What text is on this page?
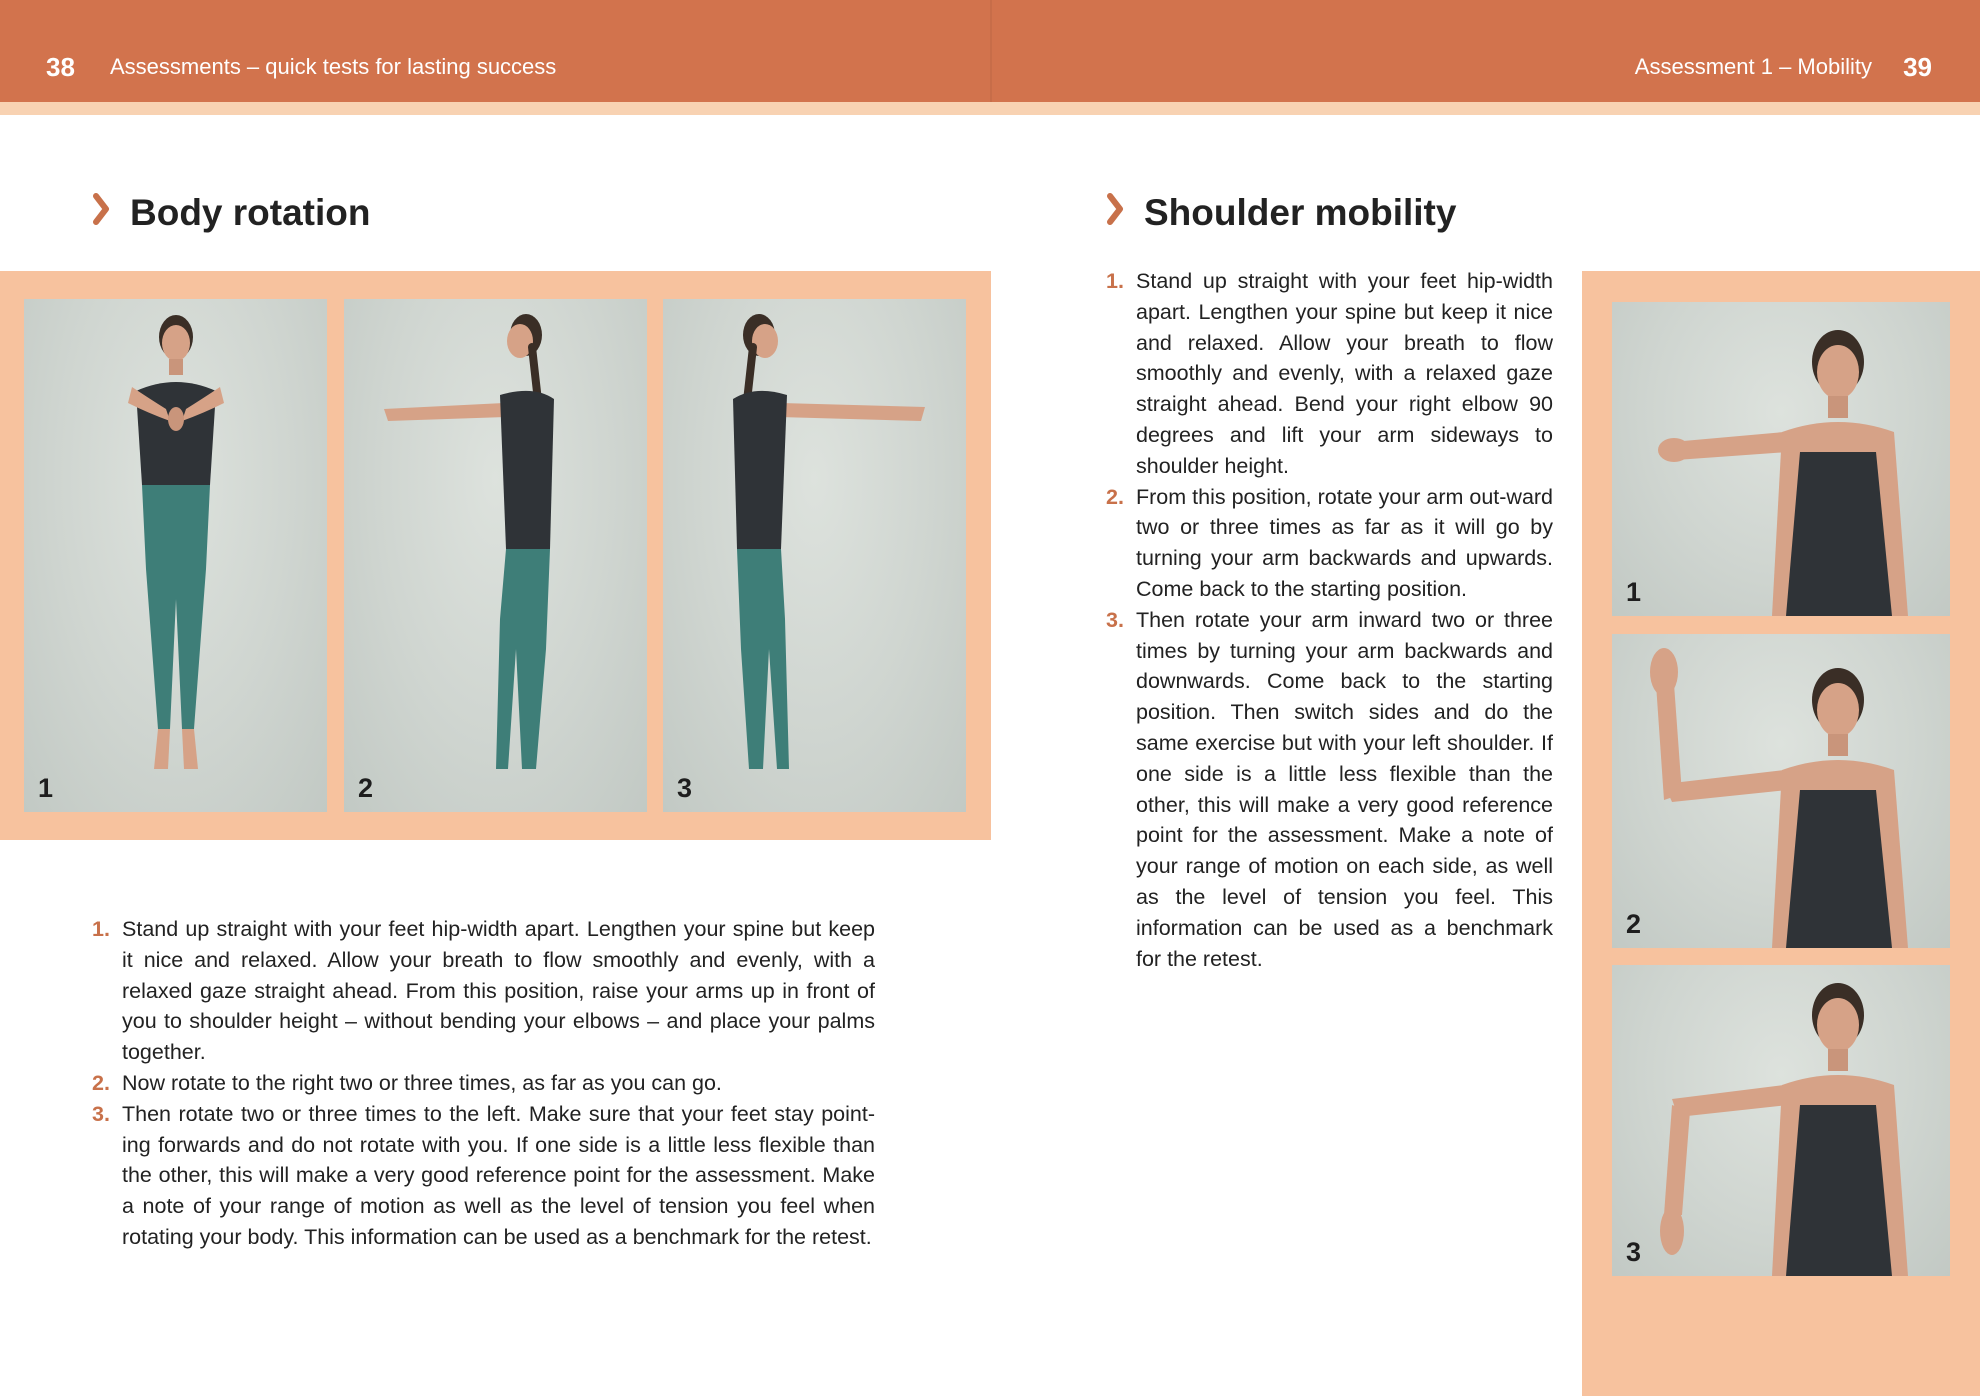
38 Assessments – quick tests for lasting success	Assessment 1 – Mobility 39
Body rotation
1	2	3
1. Stand up straight with your feet hip-width apart. Lengthen your spine but keep it nice and relaxed. Allow your breath to flow smoothly and evenly, with a relaxed gaze straight ahead. From this position, raise your arms up in front of you to shoulder height – without bending your elbows – and place your palms together.
2. Now rotate to the right two or three times, as far as you can go.
3. Then rotate two or three times to the left. Make sure that your feet stay point-ing forwards and do not rotate with you. If one side is a little less flexible than the other, this will make a very good reference point for the assessment. Make a note of your range of motion as well as the level of tension you feel when rotating your body. This information can be used as a benchmark for the retest.
Shoulder mobility
1. Stand up straight with your feet hip-width apart. Lengthen your spine but keep it nice and relaxed. Allow your breath to flow smoothly and evenly, with a relaxed gaze straight ahead. Bend your right elbow 90 degrees and lift your arm sideways to shoulder height.
2. From this position, rotate your arm out-ward two or three times as far as it will go by turning your arm backwards and upwards. Come back to the starting position.
3. Then rotate your arm inward two or three times by turning your arm backwards and downwards. Come back to the starting position. Then switch sides and do the same exercise but with your left shoulder. If one side is a little less flexible than the other, this will make a very good reference point for the assessment. Make a note of your range of motion on each side, as well as the level of tension you feel. This information can be used as a benchmark for the retest.
1
2
3
